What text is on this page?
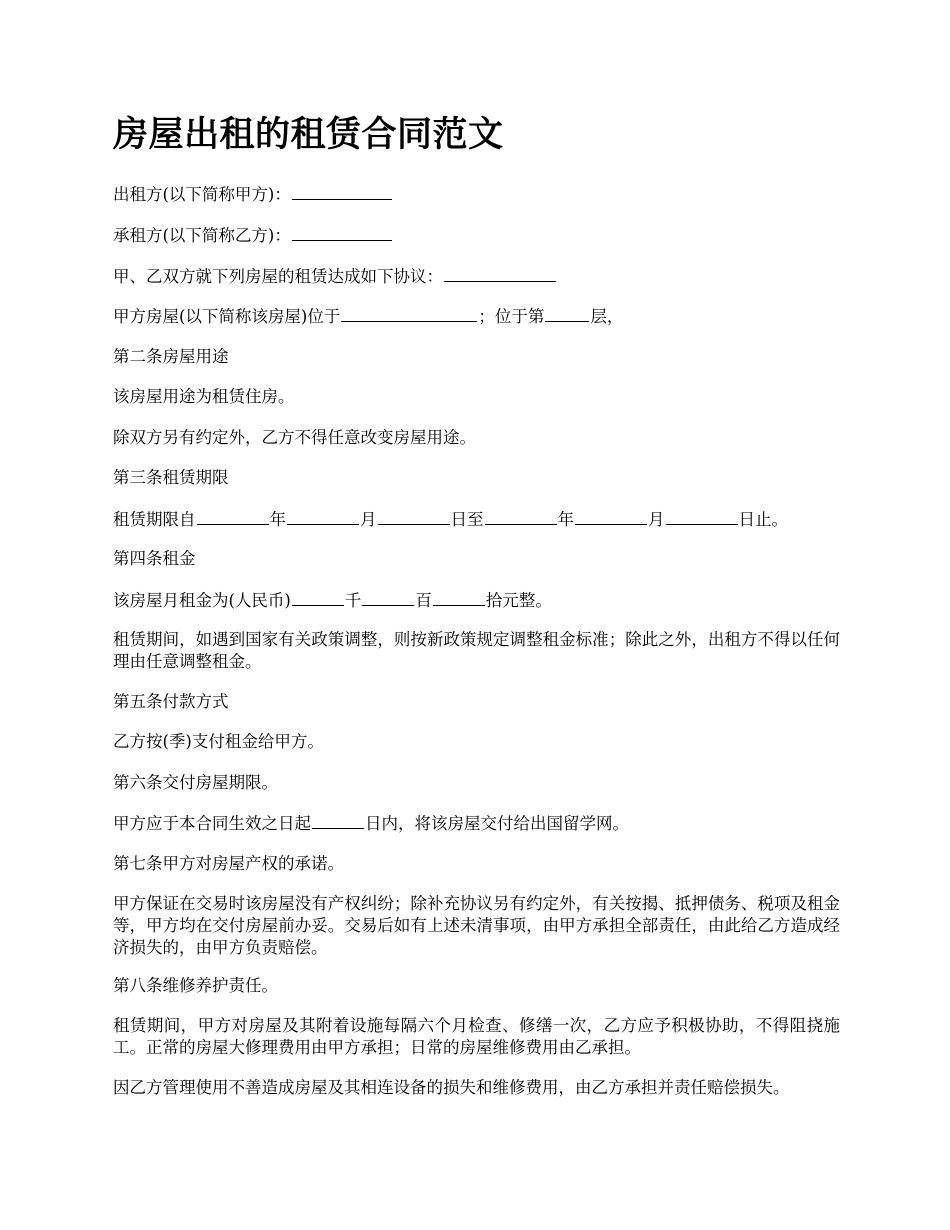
房屋出租的租赁合同范文

出租方(以下简称甲方)：

承租方(以下简称乙方)：

甲、乙双方就下列房屋的租赁达成如下协议：

甲方房屋(以下简称该房屋)位于	；位于第	层，

第二条房屋用途

该房屋用途为租赁住房。

除双方另有约定外，乙方不得任意改变房屋用途。

第三条租赁期限

租赁期限自	年	月	日至	年	月	日止。

第四条租金

该房屋月租金为(人民币)	千	百	拾元整。

租赁期间，如遇到国家有关政策调整，则按新政策规定调整租金标准；除此之外，出租方不得以任何理由任意调整租金。

第五条付款方式

乙方按(季)支付租金给甲方。

第六条交付房屋期限。

甲方应于本合同生效之日起	日内，将该房屋交付给出国留学网。

第七条甲方对房屋产权的承诺。

甲方保证在交易时该房屋没有产权纠纷；除补充协议另有约定外，有关按揭、抵押债务、税项及租金等，甲方均在交付房屋前办妥。交易后如有上述未清事项，由甲方承担全部责任，由此给乙方造成经济损失的，由甲方负责赔偿。

第八条维修养护责任。

租赁期间，甲方对房屋及其附着设施每隔六个月检查、修缮一次，乙方应予积极协助，不得阻挠施工。正常的房屋大修理费用由甲方承担；日常的房屋维修费用由乙承担。

因乙方管理使用不善造成房屋及其相连设备的损失和维修费用，由乙方承担并责任赔偿损失。
